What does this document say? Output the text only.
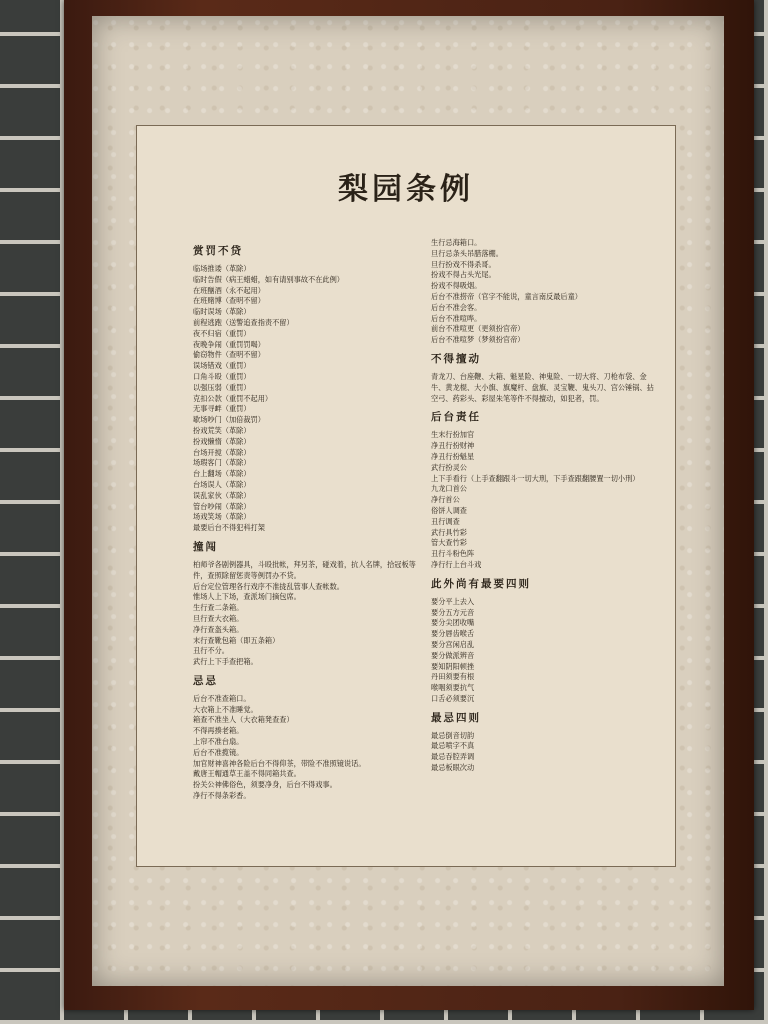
梨园条例
赏罚不贷
临场推诿（革除）
临时告假（病王蜡蜡，如有请别事故不在此例）
在班酗酒（永不起用）
在班赌博（查明不留）
临时误场（革除）
前程逃跑（送警追查指责不留）
夜不归宿（重罚）
夜晚争闹（重罚罚喝）
偷窃物件（查明不留）
误场错戏（重罚）
口角斗殴（重罚）
以强压弱（重罚）
克扣公款（重罚不起用）
无事寻衅（重罚）
歇场吵门（加倍裁罚）
扮戏荒笑（革除）
扮戏懒惰（革除）
台场开搅（革除）
场瑕客门（革除）
台上翻场（革除）
台场误人（革除）
误乱家伙（革除）
管台吵闹（革除）
场戏笑场（革除）
最要后台不得犯科打架
撞闯
柏师爷各剧例器具，斗殴批帐，拜另茶，碰戏着，抗人名牌，拾冠板等件，查照除留惩责等例罚办不贷。
后台定位管理各行戏序不准拢乱管事人查帐数。
惟场人上下场，查派场门摘包席。
生行查二条箱。
旦行查大衣箱。
净行查盔头箱。
末行查靴包箱（即五条箱）
丑行不分。
武行上下手查把箱。
忌忌
后台不准查箱口。
大衣箱上不准睡觉。
箱查不准坐人（大衣箱凳查查）
不得再揍老箱。
上帘不准台扇。
后台不准揽镜。
加官财神喜神各险后台不得仰茶，带险不准照镜说话。
戴唐王帽通草王盖不得同箱共查。
扮关公神佛俗色，须要净身，后台不得戏事。
净行不得条彩香。
生行忌海箱口。
旦行忌条头吊腊落棚。
旦行扮戏不得杀哥。
扮戏不得占头光尾。
扮戏不得吸烟。
后台不准捞帝（官字不能说，童言南反最后童）
后台不准会客。
后台不准喧哗。
前台不准喧更（更须扮官帝）
后台不准喧梦（梦须扮官帝）
不得擅动
青龙刀、台座鞭、大箱、魁星险、神鬼险、一切大将、刀枪布袋、金牛、黄龙棍、大小旗、旗魔杆、盘旗、灵宝鞭、鬼头刀、宫公锤锅、拈空弓、药彩头、彩屋朱笔等件不得擅动，如犯者，罚。
后台责任
生末行扮加官
净丑行扮财神
净丑行扮魁星
武行扮灵公
上下手看行（上手查翻跟斗一切大刑，下手查跟翻腰置一切小刑）
九龙口首公
净行首公
俗饼人调查
丑行调查
武行具竹彩
管大查竹彩
丑行斗粉色阵
净行行上台斗戏
此外尚有最要四则
要分平上去入
要分五方元音
要分尖团收嘴
要分唇齿喉舌
要分宫闲启乱
要分做派辨音
要知阴阳顿挫
丹田须要有根
喉咽须要抗气
口舌必须要沉
最忌四则
最忌倒音切韵
最忌喷字不真
最忌吞腔弄调
最忌板眼次动
